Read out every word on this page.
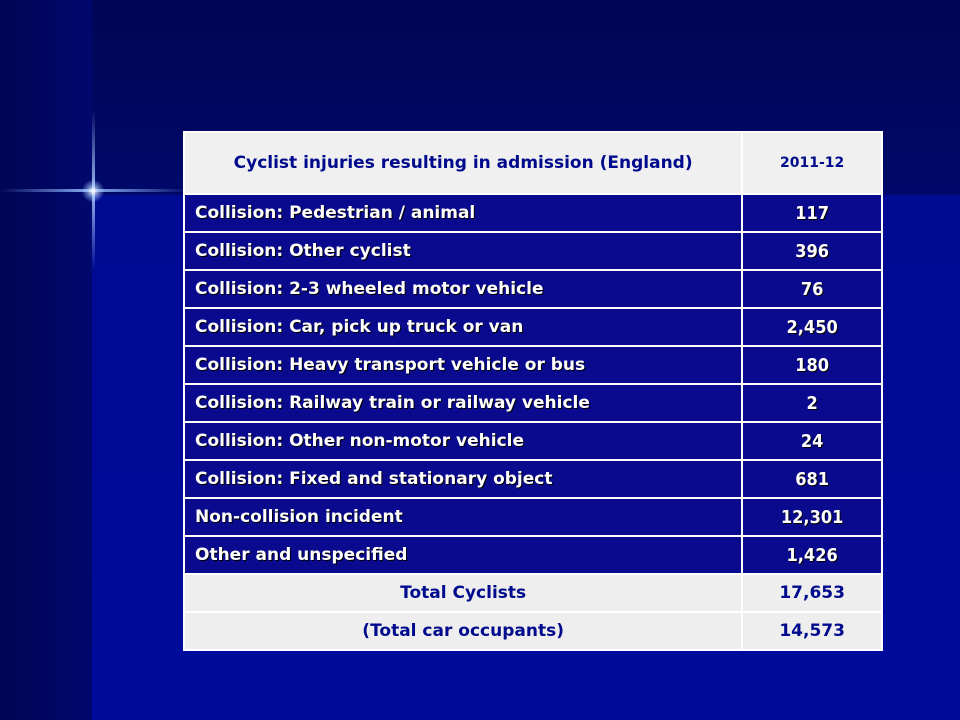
Cyclist injuries resulting in admission (England)	2011-12
Collision: Pedestrian / animal	117
Collision: Other cyclist	396
Collision: 2-3 wheeled motor vehicle	76
Collision: Car, pick up truck or van	2,450
Collision: Heavy transport vehicle or bus	180
Collision: Railway train or railway vehicle	2
Collision: Other non-motor vehicle	24
Collision: Fixed and stationary object	681
Non-collision incident	12,301
Other and unspecified	1,426
Total Cyclists	17,653
(Total car occupants)	14,573
